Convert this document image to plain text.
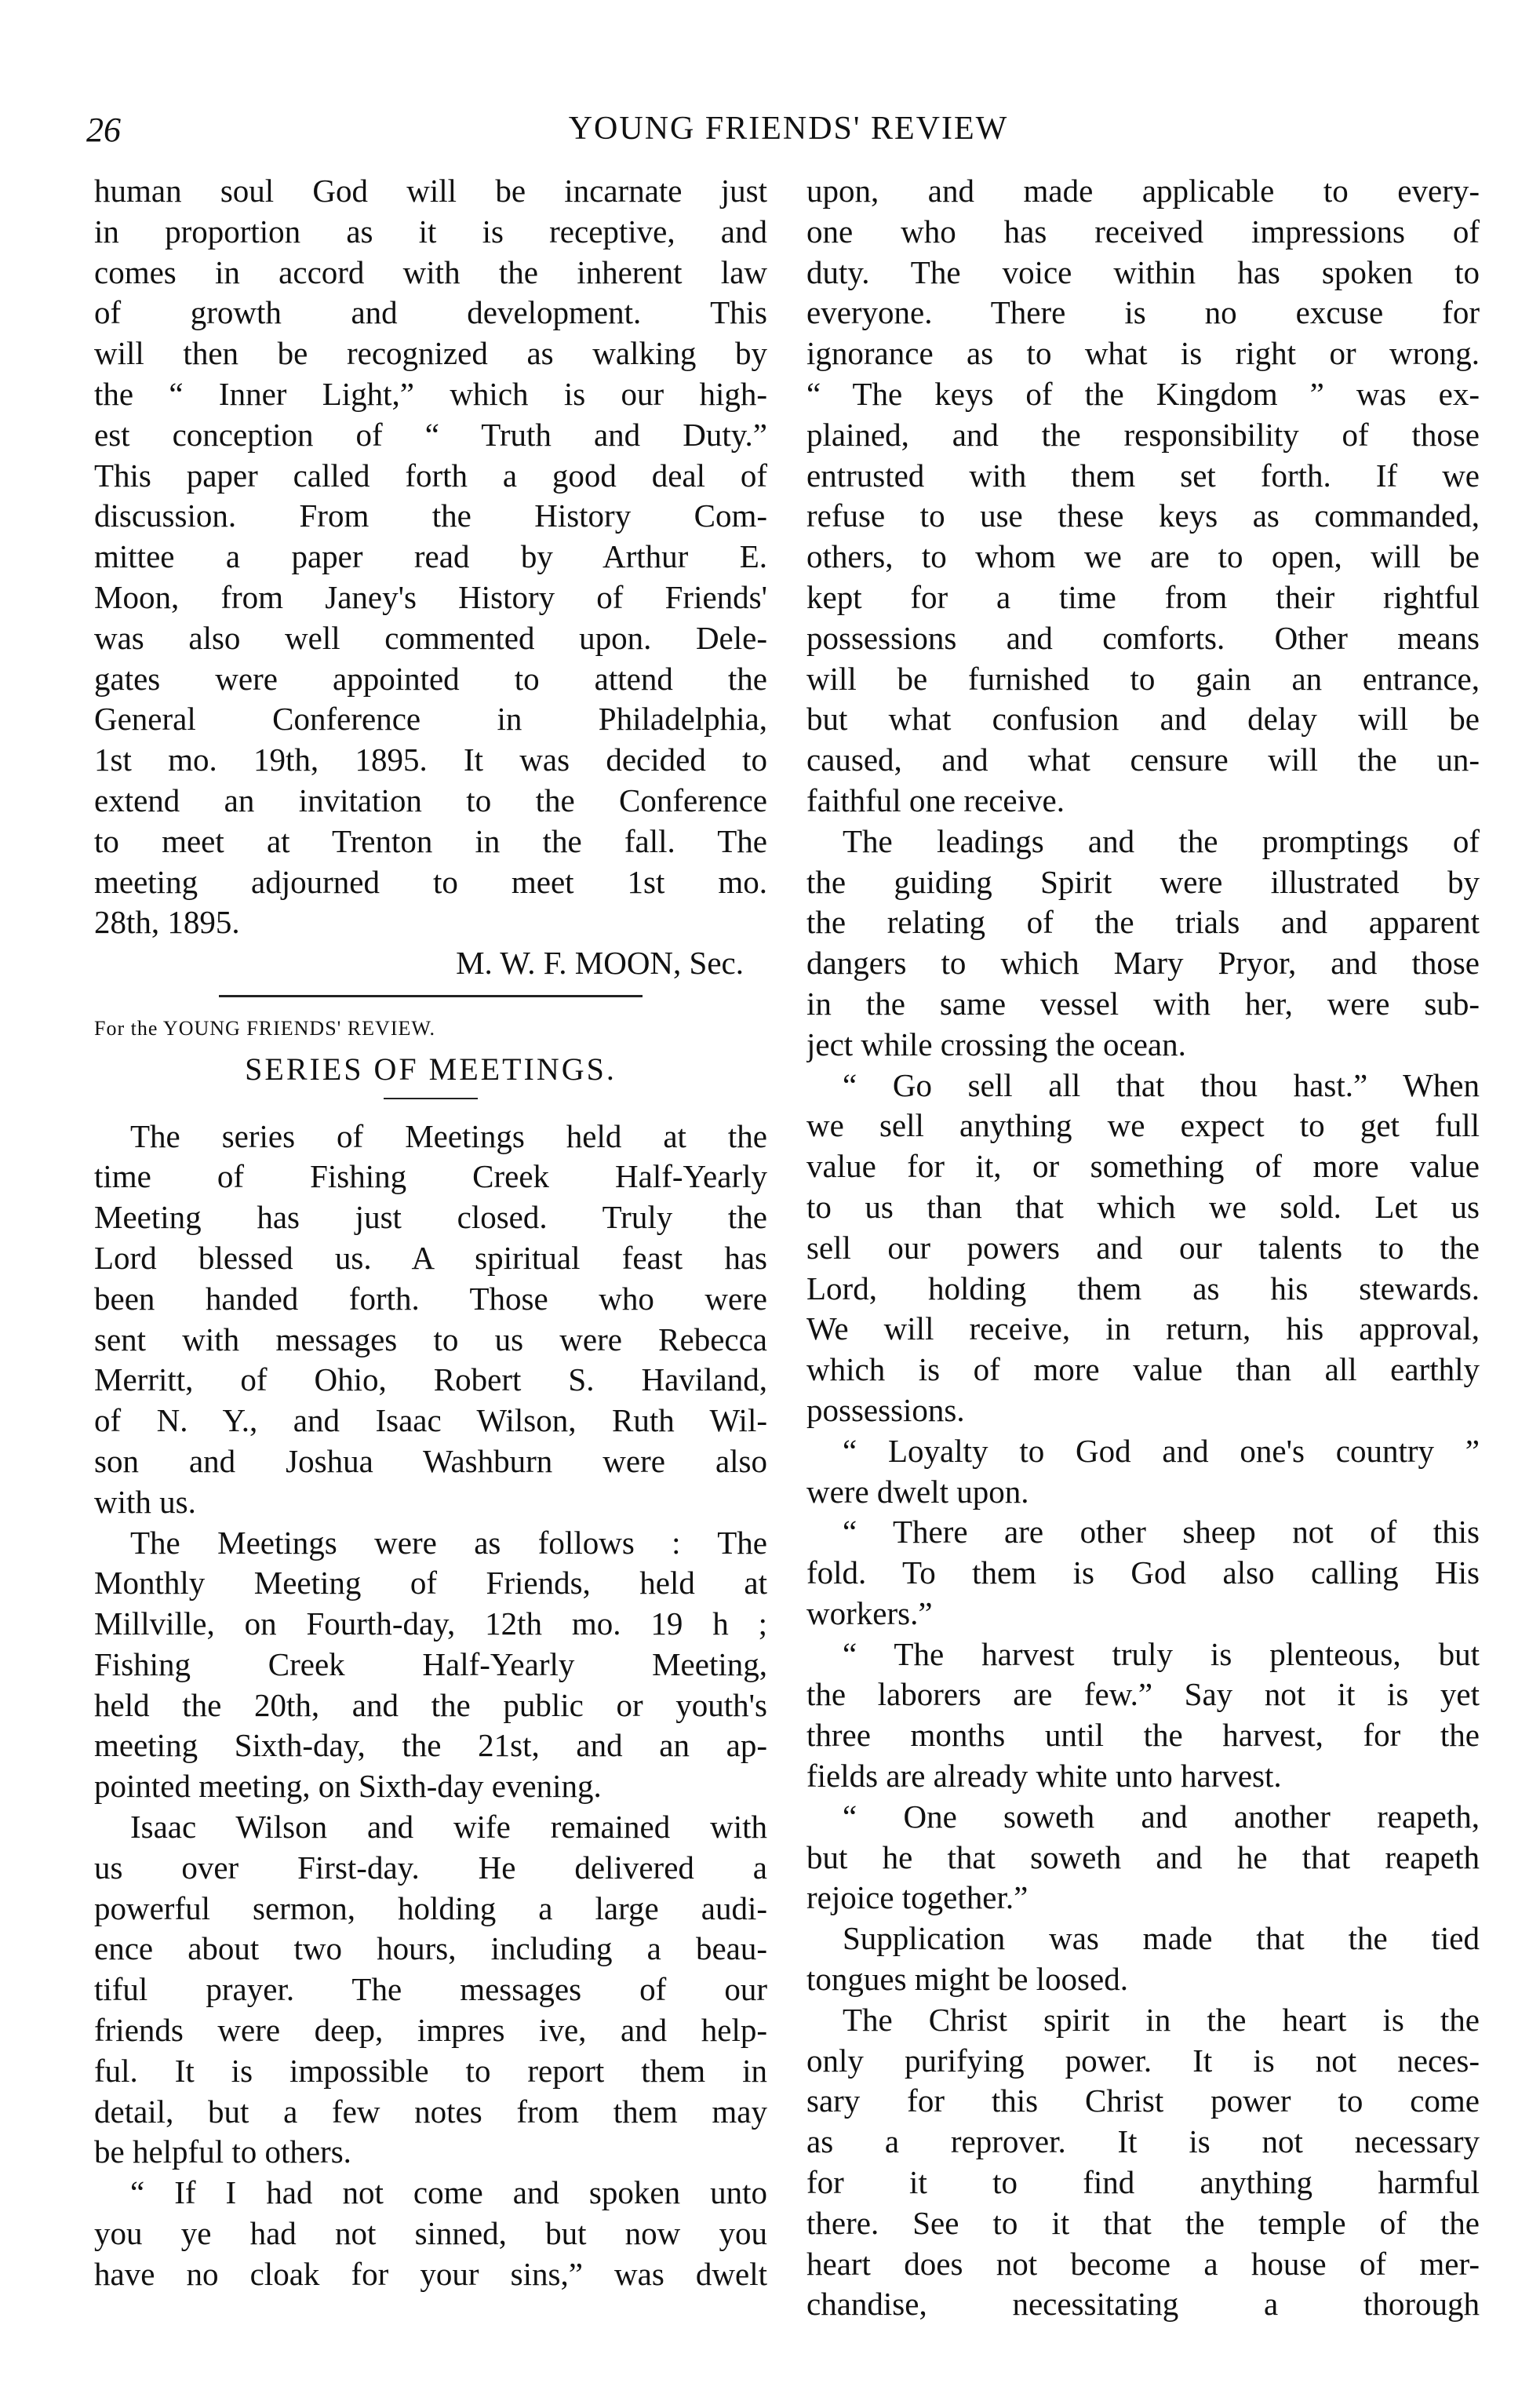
26	YOUNG FRIENDS' REVIEW
human soul God will be incarnate just
in proportion as it is receptive, and
comes in accord with the inherent law
of growth and development. This
will then be recognized as walking by
the “ Inner Light,” which is our high-
est conception of “ Truth and Duty.”
This paper called forth a good deal of
discussion. From the History Com-
mittee a paper read by Arthur E.
Moon, from Janey's History of Friends'
was also well commented upon. Dele-
gates were appointed to attend the
General Conference in Philadelphia,
1st mo. 19th, 1895. It was decided to
extend an invitation to the Conference
to meet at Trenton in the fall. The
meeting adjourned to meet 1st mo.
28th, 1895.
M. W. F. MOON, Sec.
For the YOUNG FRIENDS' REVIEW.
SERIES OF MEETINGS.
The series of Meetings held at the
time of Fishing Creek Half-Yearly
Meeting has just closed. Truly the
Lord blessed us. A spiritual feast has
been handed forth. Those who were
sent with messages to us were Rebecca
Merritt, of Ohio, Robert S. Haviland,
of N. Y., and Isaac Wilson, Ruth Wil-
son and Joshua Washburn were also
with us.
The Meetings were as follows : The
Monthly Meeting of Friends, held at
Millville, on Fourth-day, 12th mo. 19 h ;
Fishing Creek Half-Yearly Meeting,
held the 20th, and the public or youth's
meeting Sixth-day, the 21st, and an ap-
pointed meeting, on Sixth-day evening.
Isaac Wilson and wife remained with
us over First-day. He delivered a
powerful sermon, holding a large audi-
ence about two hours, including a beau-
tiful prayer. The messages of our
friends were deep, impres ive, and help-
ful. It is impossible to report them in
detail, but a few notes from them may
be helpful to others.
“ If I had not come and spoken unto
you ye had not sinned, but now you
have no cloak for your sins,” was dwelt
upon, and made applicable to every-
one who has received impressions of
duty. The voice within has spoken to
everyone. There is no excuse for
ignorance as to what is right or wrong.
“ The keys of the Kingdom ” was ex-
plained, and the responsibility of those
entrusted with them set forth. If we
refuse to use these keys as commanded,
others, to whom we are to open, will be
kept for a time from their rightful
possessions and comforts. Other means
will be furnished to gain an entrance,
but what confusion and delay will be
caused, and what censure will the un-
faithful one receive.
The leadings and the promptings of
the guiding Spirit were illustrated by
the relating of the trials and apparent
dangers to which Mary Pryor, and those
in the same vessel with her, were sub-
ject while crossing the ocean.
“ Go sell all that thou hast.” When
we sell anything we expect to get full
value for it, or something of more value
to us than that which we sold. Let us
sell our powers and our talents to the
Lord, holding them as his stewards.
We will receive, in return, his approval,
which is of more value than all earthly
possessions.
“ Loyalty to God and one's country ”
were dwelt upon.
“ There are other sheep not of this
fold. To them is God also calling His
workers.”
“ The harvest truly is plenteous, but
the laborers are few.” Say not it is yet
three months until the harvest, for the
fields are already white unto harvest.
“ One soweth and another reapeth,
but he that soweth and he that reapeth
rejoice together.”
Supplication was made that the tied
tongues might be loosed.
The Christ spirit in the heart is the
only purifying power. It is not neces-
sary for this Christ power to come
as a reprover. It is not necessary
for it to find anything harmful
there. See to it that the temple of the
heart does not become a house of mer-
chandise, necessitating a thorough
